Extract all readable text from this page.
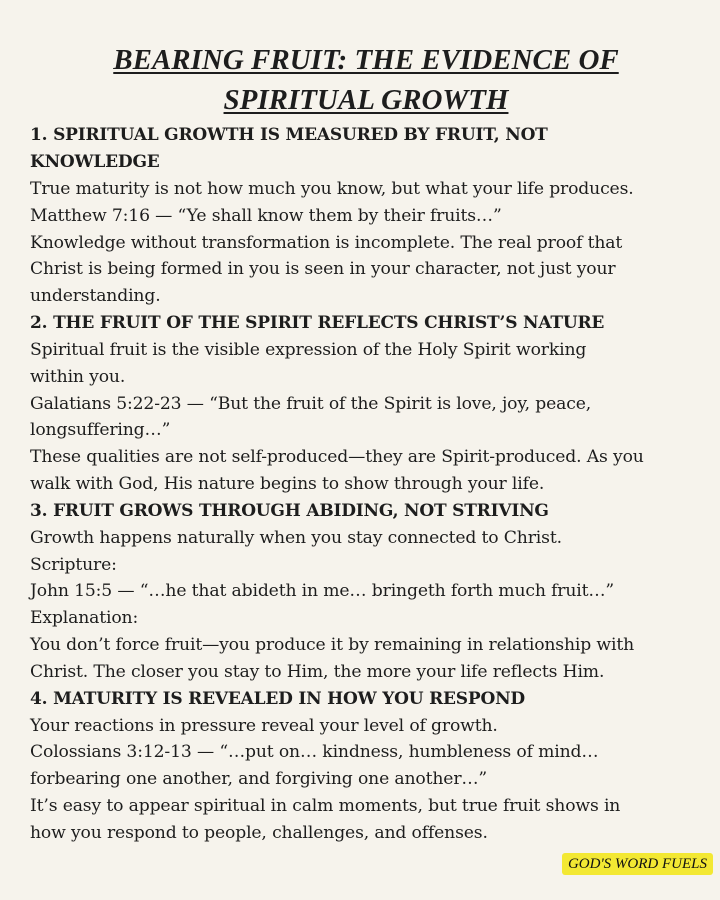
BEARING FRUIT: THE EVIDENCE OF
SPIRITUAL GROWTH
1. SPIRITUAL GROWTH IS MEASURED BY FRUIT, NOT
KNOWLEDGE
True maturity is not how much you know, but what your life produces.
Matthew 7:16 — “Ye shall know them by their fruits…”
Knowledge without transformation is incomplete. The real proof that
Christ is being formed in you is seen in your character, not just your
understanding.
2. THE FRUIT OF THE SPIRIT REFLECTS CHRIST’S NATURE
Spiritual fruit is the visible expression of the Holy Spirit working
within you.
Galatians 5:22-23 — “But the fruit of the Spirit is love, joy, peace,
longsuffering…”
These qualities are not self-produced—they are Spirit-produced. As you
walk with God, His nature begins to show through your life.
3. FRUIT GROWS THROUGH ABIDING, NOT STRIVING
Growth happens naturally when you stay connected to Christ.
Scripture:
John 15:5 — “…he that abideth in me… bringeth forth much fruit…”
Explanation:
You don’t force fruit—you produce it by remaining in relationship with
Christ. The closer you stay to Him, the more your life reflects Him.
4. MATURITY IS REVEALED IN HOW YOU RESPOND
Your reactions in pressure reveal your level of growth.
Colossians 3:12-13 — “…put on… kindness, humbleness of mind…
forbearing one another, and forgiving one another…”
It’s easy to appear spiritual in calm moments, but true fruit shows in
how you respond to people, challenges, and offenses.
GOD'S WORD FUELS
